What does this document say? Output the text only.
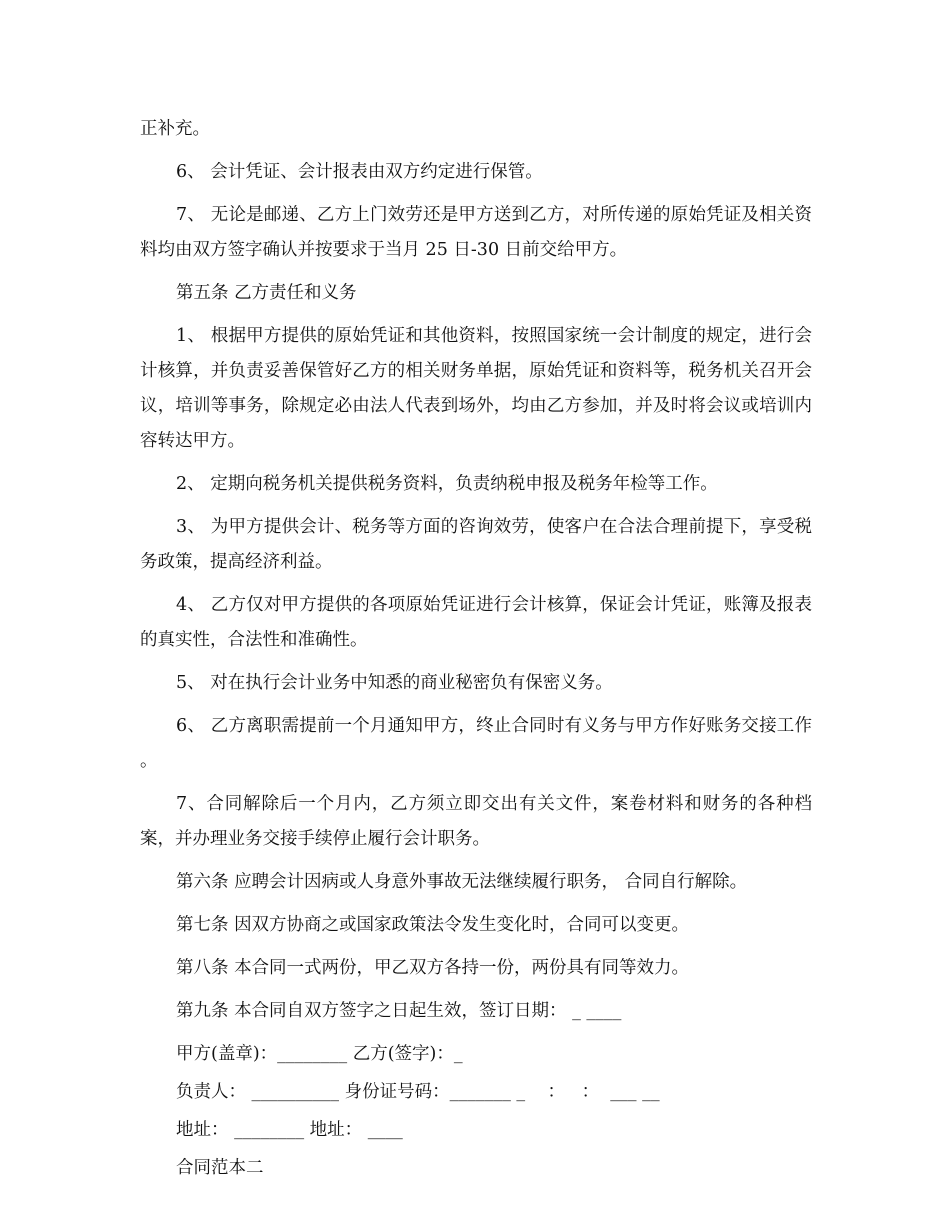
正补充。

6、 会计凭证、会计报表由双方约定进行保管。

7、 无论是邮递、乙方上门效劳还是甲方送到乙方，对所传递的原始凭证及相关资料均由双方签字确认并按要求于当月 25 日-30 日前交给甲方。

第五条 乙方责任和义务

1、 根据甲方提供的原始凭证和其他资料，按照国家统一会计制度的规定，进行会计核算，并负责妥善保管好乙方的相关财务单据，原始凭证和资料等，税务机关召开会议，培训等事务，除规定必由法人代表到场外，均由乙方参加，并及时将会议或培训内容转达甲方。

2、 定期向税务机关提供税务资料，负责纳税申报及税务年检等工作。

3、 为甲方提供会计、税务等方面的咨询效劳，使客户在合法合理前提下，享受税务政策，提高经济利益。

4、 乙方仅对甲方提供的各项原始凭证进行会计核算，保证会计凭证，账簿及报表的真实性，合法性和准确性。

5、 对在执行会计业务中知悉的商业秘密负有保密义务。

6、 乙方离职需提前一个月通知甲方，终止合同时有义务与甲方作好账务交接工作 。

7、合同解除后一个月内，乙方须立即交出有关文件，案卷材料和财务的各种档案，并办理业务交接手续停止履行会计职务。

第六条 应聘会计因病或人身意外事故无法继续履行职务， 合同自行解除。

第七条 因双方协商之或国家政策法令发生变化时，合同可以变更。

第八条 本合同一式两份，甲乙双方各持一份，两份具有同等效力。

第九条 本合同自双方签字之日起生效，签订日期： _ ____

甲方(盖章)：________ 乙方(签字)：_

负责人： __________ 身份证号码：_______ _    ：   ：  ___ __

地址： ________ 地址： ____

合同范本二
